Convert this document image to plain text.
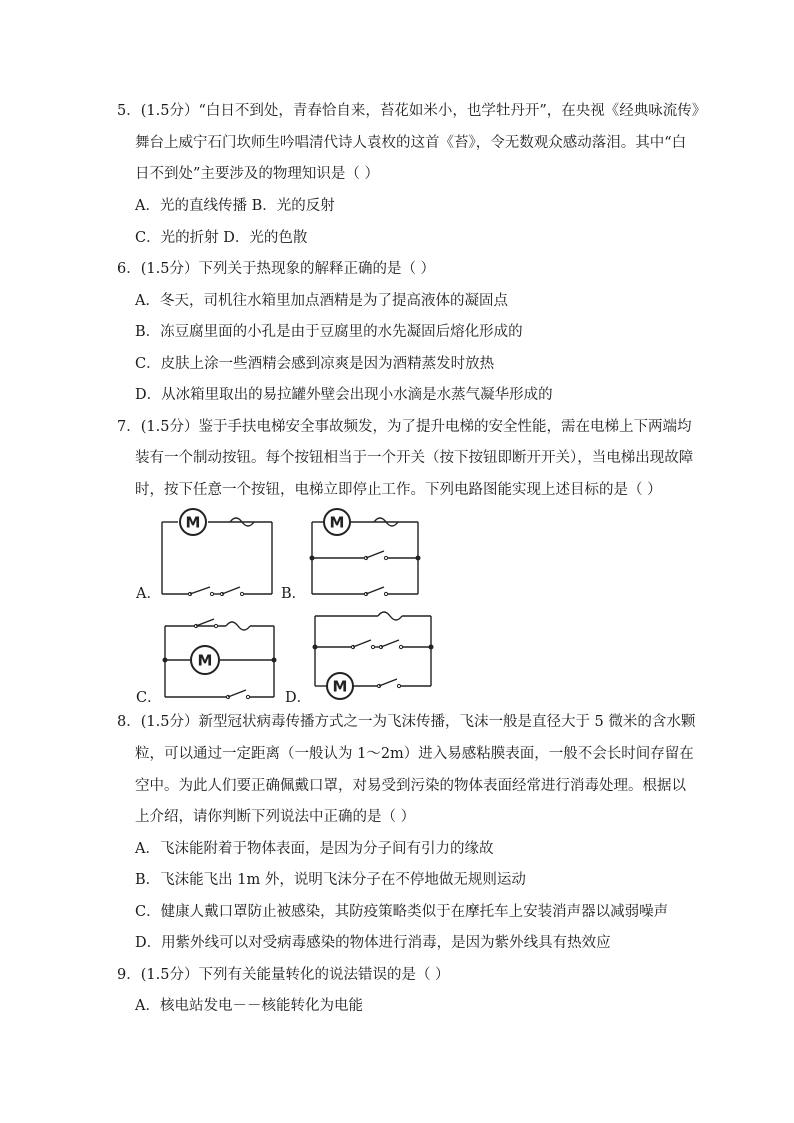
5．(1.5分）“白日不到处，青春恰自来，苔花如米小，也学牡丹开”，在央视《经典咏流传》
舞台上威宁石门坎师生吟唱清代诗人袁枚的这首《苔》，令无数观众感动落泪。其中“白
日不到处”主要涉及的物理知识是（ ）
A．光的直线传播 B．光的反射
C．光的折射 D．光的色散
6．(1.5分）下列关于热现象的解释正确的是（ ）
A．冬天，司机往水箱里加点酒精是为了提高液体的凝固点
B．冻豆腐里面的小孔是由于豆腐里的水先凝固后熔化形成的
C．皮肤上涂一些酒精会感到凉爽是因为酒精蒸发时放热
D．从冰箱里取出的易拉罐外壁会出现小水滴是水蒸气凝华形成的
7．(1.5分）鉴于手扶电梯安全事故频发，为了提升电梯的安全性能，需在电梯上下两端均
装有一个制动按钮。每个按钮相当于一个开关（按下按钮即断开开关），当电梯出现故障
时，按下任意一个按钮，电梯立即停止工作。下列电路图能实现上述目标的是（ ）
A．	B．
C．	D．
M	M
M
M
8．(1.5分）新型冠状病毒传播方式之一为飞沫传播，飞沫一般是直径大于 5 微米的含水颗
粒，可以通过一定距离（一般认为 1～2m）进入易感粘膜表面，一般不会长时间存留在
空中。为此人们要正确佩戴口罩，对易受到污染的物体表面经常进行消毒处理。根据以
上介绍，请你判断下列说法中正确的是（ ）
A．飞沫能附着于物体表面，是因为分子间有引力的缘故
B．飞沫能飞出 1m 外，说明飞沫分子在不停地做无规则运动
C．健康人戴口罩防止被感染，其防疫策略类似于在摩托车上安装消声器以减弱噪声
D．用紫外线可以对受病毒感染的物体进行消毒，是因为紫外线具有热效应
9．(1.5分）下列有关能量转化的说法错误的是（ ）
A．核电站发电－－核能转化为电能
